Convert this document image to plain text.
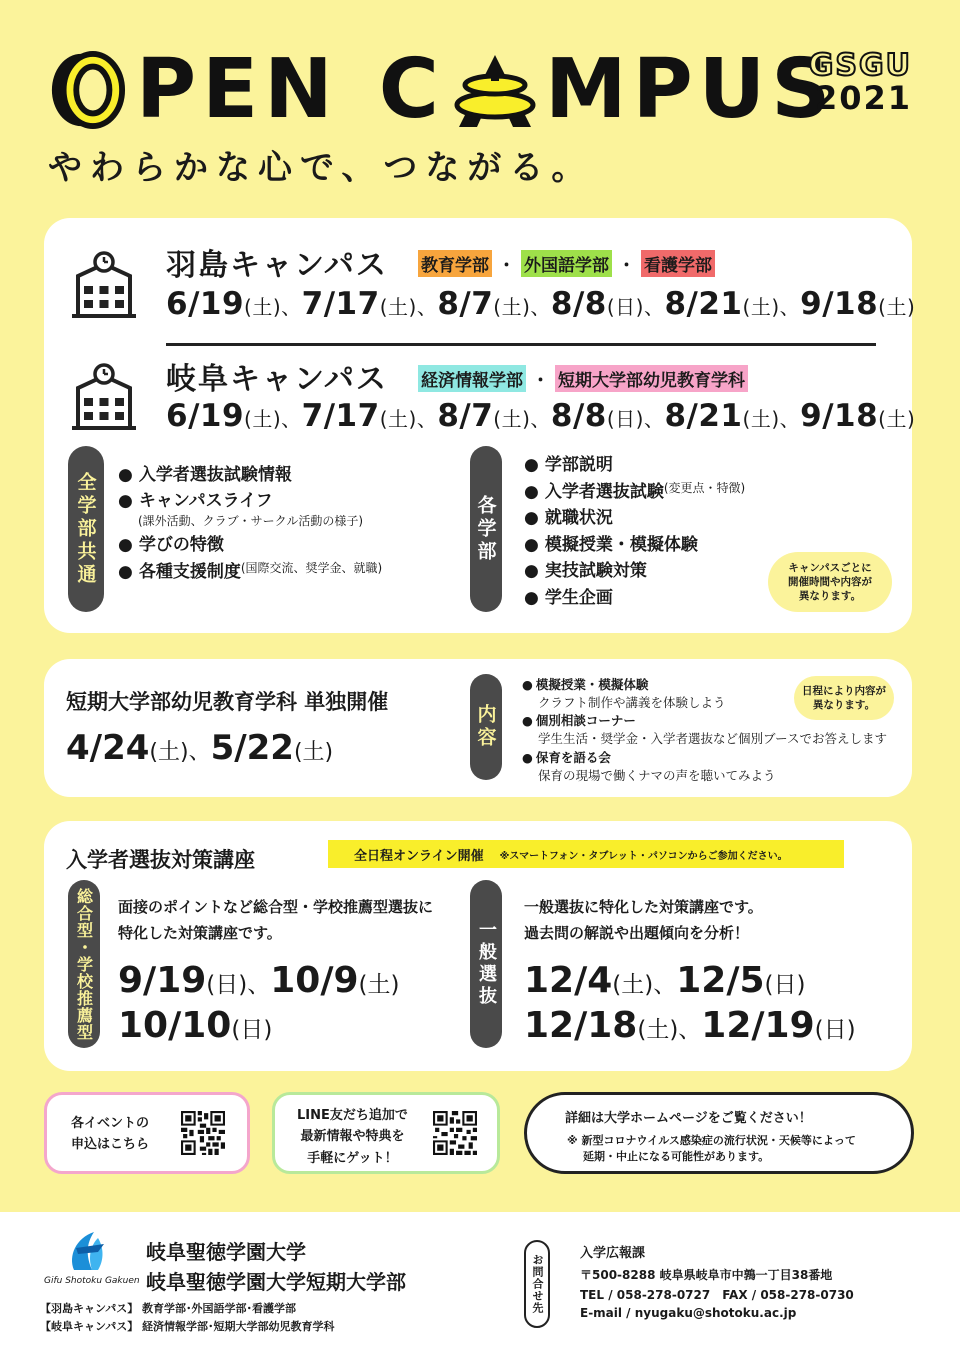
P E N C M P U S
GSGU
2021
やわらかな心で、つながる。
羽島キャンパス 教育学部 ・ 外国語学部 ・ 看護学部
6/19(土)、7/17(土)、8/7(土)、8/8(日)、8/21(土)、9/18(土)
岐阜キャンパス 経済情報学部 ・ 短期大学部幼児教育学科
6/19(土)、7/17(土)、8/7(土)、8/8(日)、8/21(土)、9/18(土)
全学部共通
●	入学者選抜試験情報
● キャンパスライフ
(課外活動、クラブ・サークル活動の様子)
● 学びの特徴
● 各種支援制度 (国際交流、奨学金、就職)
各学部
● 学部説明
● 入学者選抜試験 (変更点・特徴)
● 就職状況
● 模擬授業・模擬体験
● 実技試験対策
● 学生企画
キャンパスごとに
開催時間や内容が
異なります。
短期大学部幼児教育学科 単独開催
4/24(土)、5/22(土)
内容
● 模擬授業・模擬体験
クラフト制作や講義を体験しよう
● 個別相談コーナー
学生生活・奨学金・入学者選抜など個別ブースでお答えします
● 保育を語る会
保育の現場で働くナマの声を聴いてみよう
日程により内容が
異なります。
入学者選抜対策講座	全日程オンライン開催 ※スマートフォン・タブレット・パソコンからご参加ください。
総合型・学校推薦型	面接のポイントなど総合型・学校推薦型選抜に
特化した対策講座です。
9/19(日)、10/9(土)
10/10(日)
一般選抜
一般選抜に特化した対策講座です。
過去問の解説や出題傾向を分析！
12/4(土)、12/5(日)
12/18(土)、12/19(日)
各イベントの
申込はこちら
LINE友だち追加で
最新情報や特典を
手軽にゲット！
詳細は大学ホームページをご覧ください！
※ 新型コロナウイルス感染症の流行状況・天候等によって
延期・中止になる可能性があります。
Gifu Shotoku Gakuen
岐阜聖徳学園大学
岐阜聖徳学園大学短期大学部
【羽島キャンパス】 教育学部･外国語学部･看護学部
【岐阜キャンパス】 経済情報学部･短期大学部幼児教育学科
お問合せ先
入学広報課
〒500-8288 岐阜県岐阜市中鶉一丁目38番地
TEL / 058-278-0727　FAX / 058-278-0730
E-mail / nyugaku@shotoku.ac.jp
